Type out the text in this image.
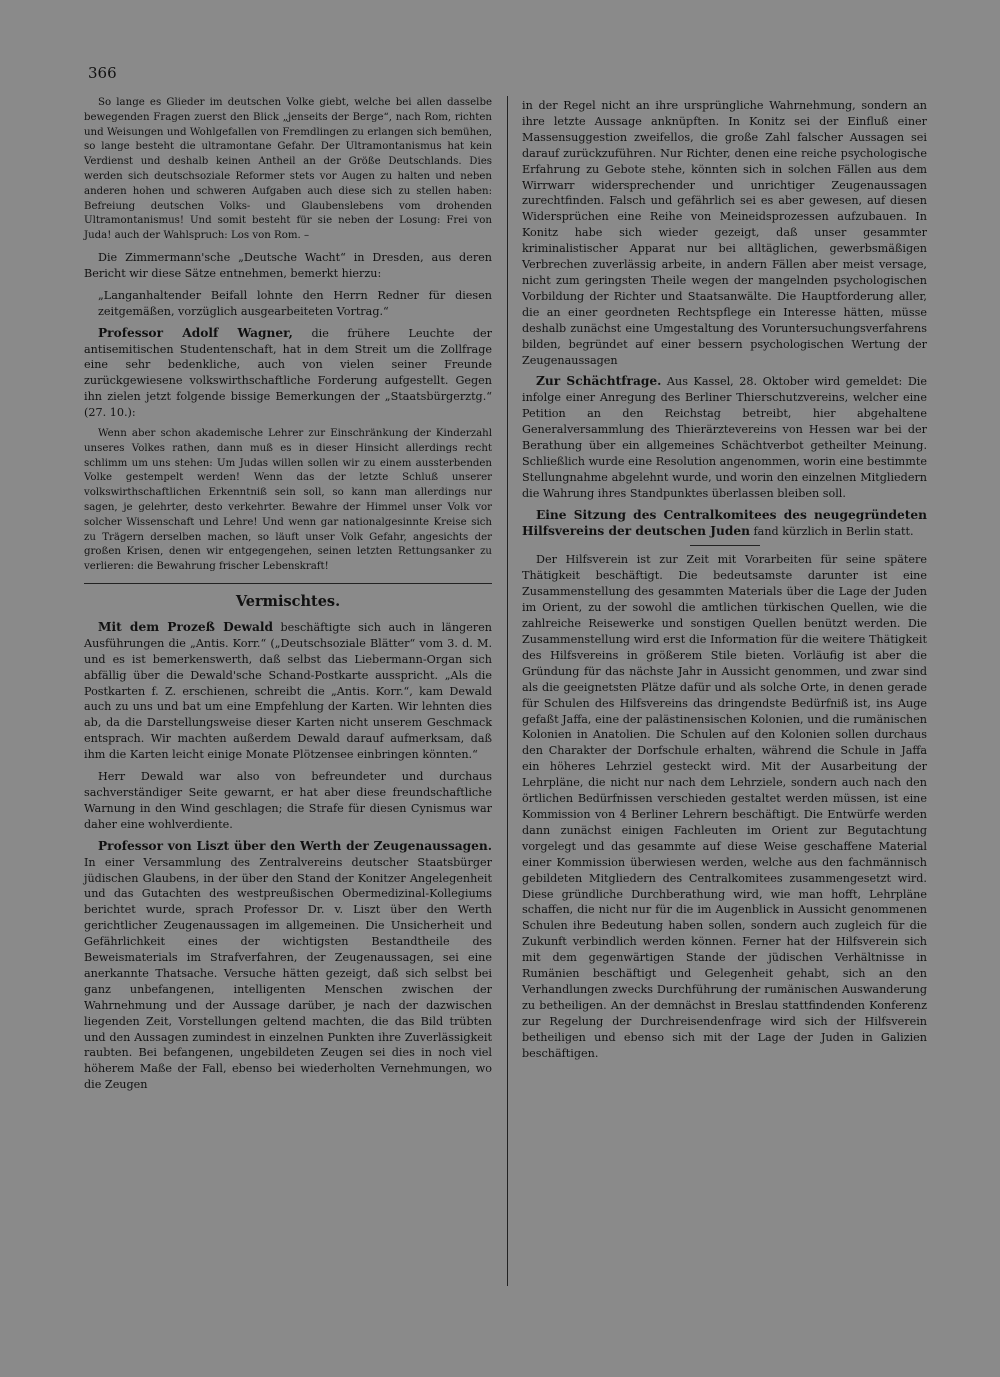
366

So lange es Glieder im deutschen Volke giebt, welche bei allen dasselbe bewegenden Fragen zuerst den Blick „jenseits der Berge“, nach Rom, richten und Weisungen und Wohlgefallen von Fremdlingen zu erlangen sich bemühen, so lange besteht die ultramontane Gefahr. Der Ultramontanismus hat kein Verdienst und deshalb keinen Antheil an der Größe Deutschlands. Dies werden sich deutschsoziale Reformer stets vor Augen zu halten und neben anderen hohen und schweren Aufgaben auch diese sich zu stellen haben: Befreiung deutschen Volks- und Glaubenslebens vom drohenden Ultramontanismus! Und somit besteht für sie neben der Losung: Frei von Juda! auch der Wahlspruch: Los von Rom. –

Die Zimmermann'sche „Deutsche Wacht“ in Dresden, aus deren Bericht wir diese Sätze entnehmen, bemerkt hierzu:

„Langanhaltender Beifall lohnte den Herrn Redner für diesen zeitgemäßen, vorzüglich ausgearbeiteten Vortrag.“

Professor Adolf Wagner, die frühere Leuchte der antisemitischen Studentenschaft, hat in dem Streit um die Zollfrage eine sehr bedenkliche, auch von vielen seiner Freunde zurückgewiesene volkswirthschaftliche Forderung aufgestellt. Gegen ihn zielen jetzt folgende bissige Bemerkungen der „Staatsbürgerztg.“ (27. 10.):

Wenn aber schon akademische Lehrer zur Einschränkung der Kinderzahl unseres Volkes rathen, dann muß es in dieser Hinsicht allerdings recht schlimm um uns stehen: Um Judas willen sollen wir zu einem aussterbenden Volke gestempelt werden! Wenn das der letzte Schluß unserer volkswirthschaftlichen Erkenntniß sein soll, so kann man allerdings nur sagen, je gelehrter, desto verkehrter. Bewahre der Himmel unser Volk vor solcher Wissenschaft und Lehre! Und wenn gar nationalgesinnte Kreise sich zu Trägern derselben machen, so läuft unser Volk Gefahr, angesichts der großen Krisen, denen wir entgegengehen, seinen letzten Rettungsanker zu verlieren: die Bewahrung frischer Lebenskraft!

Vermischtes.

Mit dem Prozeß Dewald beschäftigte sich auch in längeren Ausführungen die „Antis. Korr.“ („Deutschsoziale Blätter“ vom 3. d. M. und es ist bemerkenswerth, daß selbst das Liebermann-Organ sich abfällig über die Dewald'sche Schand-Postkarte ausspricht. „Als die Postkarten f. Z. erschienen, schreibt die „Antis. Korr.“, kam Dewald auch zu uns und bat um eine Empfehlung der Karten. Wir lehnten dies ab, da die Darstellungsweise dieser Karten nicht unserem Geschmack entsprach. Wir machten außerdem Dewald darauf aufmerksam, daß ihm die Karten leicht einige Monate Plötzensee einbringen könnten.“

Herr Dewald war also von befreundeter und durchaus sachverständiger Seite gewarnt, er hat aber diese freundschaftliche Warnung in den Wind geschlagen; die Strafe für diesen Cynismus war daher eine wohlverdiente.

Professor von Liszt über den Werth der Zeugenaussagen. In einer Versammlung des Zentralvereins deutscher Staatsbürger jüdischen Glaubens, in der über den Stand der Konitzer Angelegenheit und das Gutachten des westpreußischen Obermedizinal-Kollegiums berichtet wurde, sprach Professor Dr. v. Liszt über den Werth gerichtlicher Zeugenaussagen im allgemeinen. Die Unsicherheit und Gefährlichkeit eines der wichtigsten Bestandtheile des Beweismaterials im Strafverfahren, der Zeugenaussagen, sei eine anerkannte Thatsache. Versuche hätten gezeigt, daß sich selbst bei ganz unbefangenen, intelligenten Menschen zwischen der Wahrnehmung und der Aussage darüber, je nach der dazwischen liegenden Zeit, Vorstellungen geltend machten, die das Bild trübten und den Aussagen zumindest in einzelnen Punkten ihre Zuverlässigkeit raubten. Bei befangenen, ungebildeten Zeugen sei dies in noch viel höherem Maße der Fall, ebenso bei wiederholten Vernehmungen, wo die Zeugen

in der Regel nicht an ihre ursprüngliche Wahrnehmung, sondern an ihre letzte Aussage anknüpften. In Konitz sei der Einfluß einer Massensuggestion zweifellos, die große Zahl falscher Aussagen sei darauf zurückzuführen. Nur Richter, denen eine reiche psychologische Erfahrung zu Gebote stehe, könnten sich in solchen Fällen aus dem Wirrwarr widersprechender und unrichtiger Zeugenaussagen zurechtfinden. Falsch und gefährlich sei es aber gewesen, auf diesen Widersprüchen eine Reihe von Meineidsprozessen aufzubauen. In Konitz habe sich wieder gezeigt, daß unser gesammter kriminalistischer Apparat nur bei alltäglichen, gewerbsmäßigen Verbrechen zuverlässig arbeite, in andern Fällen aber meist versage, nicht zum geringsten Theile wegen der mangelnden psychologischen Vorbildung der Richter und Staatsanwälte. Die Hauptforderung aller, die an einer geordneten Rechtspflege ein Interesse hätten, müsse deshalb zunächst eine Umgestaltung des Voruntersuchungsverfahrens bilden, begründet auf einer bessern psychologischen Wertung der Zeugenaussagen

Zur Schächtfrage. Aus Kassel, 28. Oktober wird gemeldet: Die infolge einer Anregung des Berliner Thierschutzvereins, welcher eine Petition an den Reichstag betreibt, hier abgehaltene Generalversammlung des Thierärztevereins von Hessen war bei der Berathung über ein allgemeines Schächtverbot getheilter Meinung. Schließlich wurde eine Resolution angenommen, worin eine bestimmte Stellungnahme abgelehnt wurde, und worin den einzelnen Mitgliedern die Wahrung ihres Standpunktes überlassen bleiben soll.

Eine Sitzung des Centralkomitees des neugegründeten Hilfsvereins der deutschen Juden fand kürzlich in Berlin statt.

Der Hilfsverein ist zur Zeit mit Vorarbeiten für seine spätere Thätigkeit beschäftigt. Die bedeutsamste darunter ist eine Zusammenstellung des gesammten Materials über die Lage der Juden im Orient, zu der sowohl die amtlichen türkischen Quellen, wie die zahlreiche Reisewerke und sonstigen Quellen benützt werden. Die Zusammenstellung wird erst die Information für die weitere Thätigkeit des Hilfsvereins in größerem Stile bieten. Vorläufig ist aber die Gründung für das nächste Jahr in Aussicht genommen, und zwar sind als die geeignetsten Plätze dafür und als solche Orte, in denen gerade für Schulen des Hilfsvereins das dringendste Bedürfniß ist, ins Auge gefaßt Jaffa, eine der palästinensischen Kolonien, und die rumänischen Kolonien in Anatolien. Die Schulen auf den Kolonien sollen durchaus den Charakter der Dorfschule erhalten, während die Schule in Jaffa ein höheres Lehrziel gesteckt wird. Mit der Ausarbeitung der Lehrpläne, die nicht nur nach dem Lehrziele, sondern auch nach den örtlichen Bedürfnissen verschieden gestaltet werden müssen, ist eine Kommission von 4 Berliner Lehrern beschäftigt. Die Entwürfe werden dann zunächst einigen Fachleuten im Orient zur Begutachtung vorgelegt und das gesammte auf diese Weise geschaffene Material einer Kommission überwiesen werden, welche aus den fachmännisch gebildeten Mitgliedern des Centralkomitees zusammengesetzt wird. Diese gründliche Durchberathung wird, wie man hofft, Lehrpläne schaffen, die nicht nur für die im Augenblick in Aussicht genommenen Schulen ihre Bedeutung haben sollen, sondern auch zugleich für die Zukunft verbindlich werden können. Ferner hat der Hilfsverein sich mit dem gegenwärtigen Stande der jüdischen Verhältnisse in Rumänien beschäftigt und Gelegenheit gehabt, sich an den Verhandlungen zwecks Durchführung der rumänischen Auswanderung zu betheiligen. An der demnächst in Breslau stattfindenden Konferenz zur Regelung der Durchreisendenfrage wird sich der Hilfsverein betheiligen und ebenso sich mit der Lage der Juden in Galizien beschäftigen.
